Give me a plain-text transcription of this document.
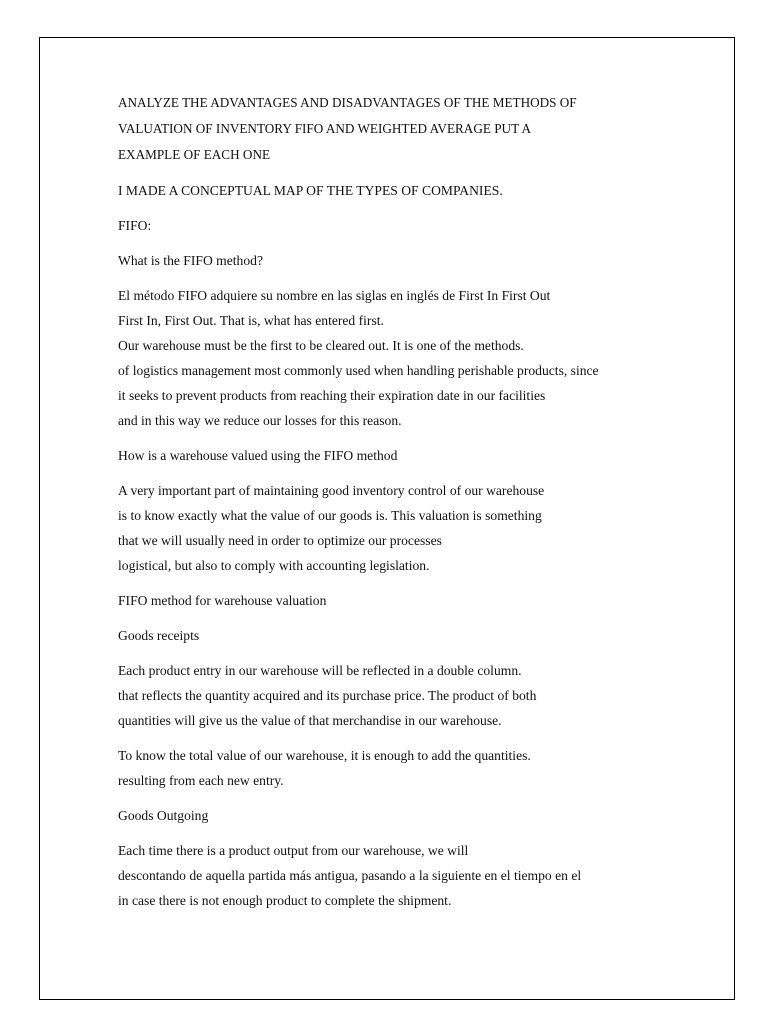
ANALYZE THE ADVANTAGES AND DISADVANTAGES OF THE METHODS OF
VALUATION OF INVENTORY FIFO AND WEIGHTED AVERAGE PUT A
EXAMPLE OF EACH ONE

I MADE A CONCEPTUAL MAP OF THE TYPES OF COMPANIES.

FIFO:

What is the FIFO method?

El método FIFO adquiere su nombre en las siglas en inglés de First In First Out
First In, First Out. That is, what has entered first.
Our warehouse must be the first to be cleared out. It is one of the methods.
of logistics management most commonly used when handling perishable products, since
it seeks to prevent products from reaching their expiration date in our facilities
and in this way we reduce our losses for this reason.

How is a warehouse valued using the FIFO method

A very important part of maintaining good inventory control of our warehouse
is to know exactly what the value of our goods is. This valuation is something
that we will usually need in order to optimize our processes
logistical, but also to comply with accounting legislation.

FIFO method for warehouse valuation

Goods receipts

Each product entry in our warehouse will be reflected in a double column.
that reflects the quantity acquired and its purchase price. The product of both
quantities will give us the value of that merchandise in our warehouse.

To know the total value of our warehouse, it is enough to add the quantities.
resulting from each new entry.

Goods Outgoing

Each time there is a product output from our warehouse, we will
descontando de aquella partida más antigua, pasando a la siguiente en el tiempo en el
in case there is not enough product to complete the shipment.
